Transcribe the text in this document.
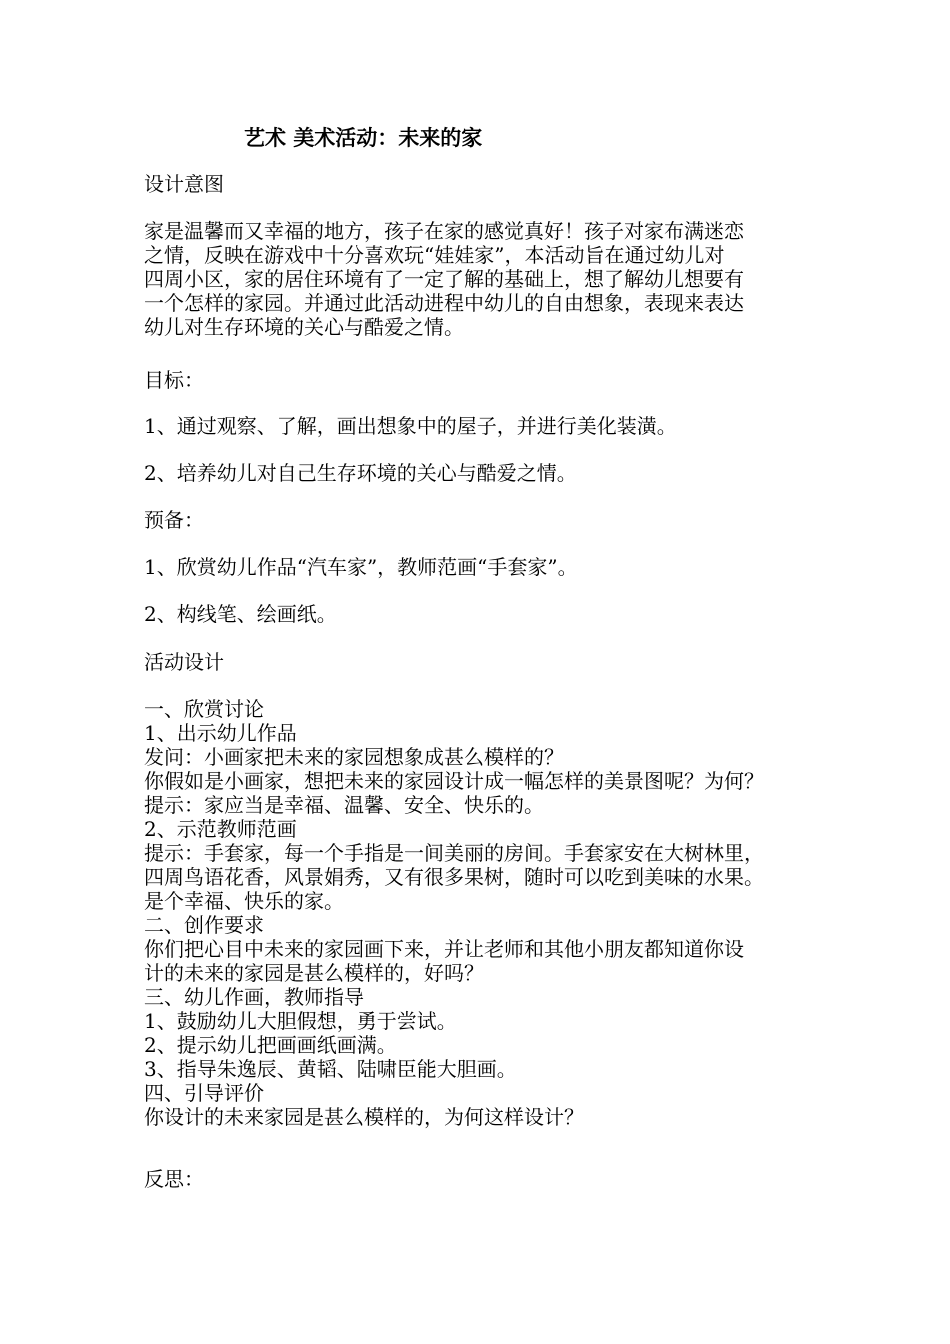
艺术 美术活动：未来的家
设计意图
家是温馨而又幸福的地方，孩子在家的感觉真好！孩子对家布满迷恋
之情，反映在游戏中十分喜欢玩“娃娃家”，本活动旨在通过幼儿对
四周小区，家的居住环境有了一定了解的基础上，想了解幼儿想要有
一个怎样的家园。并通过此活动进程中幼儿的自由想象，表现来表达
幼儿对生存环境的关心与酷爱之情。
目标：
1、通过观察、了解，画出想象中的屋子，并进行美化装潢。
2、培养幼儿对自己生存环境的关心与酷爱之情。
预备：
1、欣赏幼儿作品“汽车家”，教师范画“手套家”。
2、构线笔、绘画纸。
活动设计
一、欣赏讨论
1、出示幼儿作品
发问：小画家把未来的家园想象成甚么模样的？
你假如是小画家，想把未来的家园设计成一幅怎样的美景图呢？为何？
提示：家应当是幸福、温馨、安全、快乐的。
2、示范教师范画
提示：手套家，每一个手指是一间美丽的房间。手套家安在大树林里，
四周鸟语花香，风景娟秀，又有很多果树，随时可以吃到美味的水果。
是个幸福、快乐的家。
二、创作要求
你们把心目中未来的家园画下来，并让老师和其他小朋友都知道你设
计的未来的家园是甚么模样的，好吗？
三、幼儿作画，教师指导
1、鼓励幼儿大胆假想，勇于尝试。
2、提示幼儿把画画纸画满。
3、指导朱逸辰、黄韬、陆啸臣能大胆画。
四、引导评价
你设计的未来家园是甚么模样的，为何这样设计？
反思：
